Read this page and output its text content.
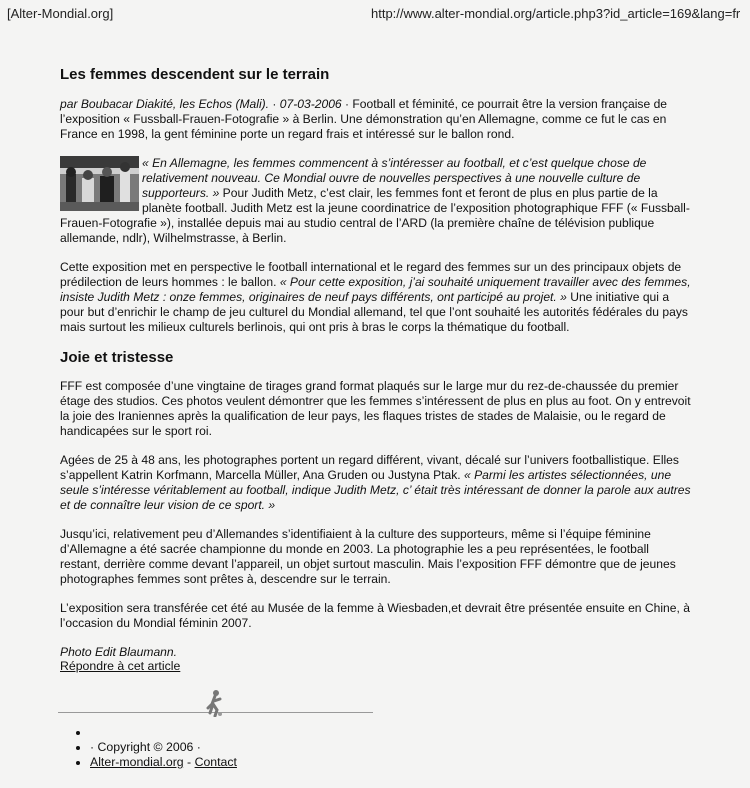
[Alter-Mondial.org]	http://www.alter-mondial.org/article.php3?id_article=169&lang=fr
Les femmes descendent sur le terrain

par Boubacar Diakité, les Echos (Mali). · 07-03-2006 · Football et féminité, ce pourrait être la version française de l’exposition « Fussball-Frauen-Fotografie » à Berlin. Une démonstration qu’en Allemagne, comme ce fut le cas en France en 1998, la gent féminine porte un regard frais et intéressé sur le ballon rond.

« En Allemagne, les femmes commencent à s’intéresser au football, et c’est quelque chose de relativement nouveau. Ce Mondial ouvre de nouvelles perspectives à une nouvelle culture de supporteurs. » Pour Judith Metz, c’est clair, les femmes font et feront de plus en plus partie de la planète football. Judith Metz est la jeune coordinatrice de l’exposition photographique FFF (« Fussball-Frauen-Fotografie »), installée depuis mai au studio central de l’ARD (la première chaîne de télévision publique allemande, ndlr), Wilhelmstrasse, à Berlin.

Cette exposition met en perspective le football international et le regard des femmes sur un des principaux objets de prédilection de leurs hommes : le ballon. « Pour cette exposition, j’ai souhaité uniquement travailler avec des femmes, insiste Judith Metz : onze femmes, originaires de neuf pays différents, ont participé au projet. » Une initiative qui a pour but d’enrichir le champ de jeu culturel du Mondial allemand, tel que l’ont souhaité les autorités fédérales du pays mais surtout les milieux culturels berlinois, qui ont pris à bras le corps la thématique du football.

Joie et tristesse

FFF est composée d’une vingtaine de tirages grand format plaqués sur le large mur du rez-de-chaussée du premier étage des studios. Ces photos veulent démontrer que les femmes s’intéressent de plus en plus au foot. On y entrevoit la joie des Iraniennes après la qualification de leur pays, les flaques tristes de stades de Malaisie, ou le regard de handicapées sur le sport roi.

Agées de 25 à 48 ans, les photographes portent un regard différent, vivant, décalé sur l’univers footballistique. Elles s’appellent Katrin Korfmann, Marcella Müller, Ana Gruden ou Justyna Ptak. « Parmi les artistes sélectionnées, une seule s’intéresse véritablement au football, indique Judith Metz, c’ était très intéressant de donner la parole aux autres et de connaître leur vision de ce sport. »

Jusqu’ici, relativement peu d’Allemandes s’identifiaient à la culture des supporteurs, même si l’équipe féminine d’Allemagne a été sacrée championne du monde en 2003. La photographie les a peu représentées, le football restant, derrière comme devant l’appareil, un objet surtout masculin. Mais l’exposition FFF démontre que de jeunes photographes femmes sont prêtes à, descendre sur le terrain.

L’exposition sera transférée cet été au Musée de la femme à Wiesbaden,et devrait être présentée ensuite en Chine, à l’occasion du Mondial féminin 2007.

Photo Edit Blaumann.

Répondre à cet article
•
• · Copyright © 2006 ·
• Alter-mondial.org - Contact
